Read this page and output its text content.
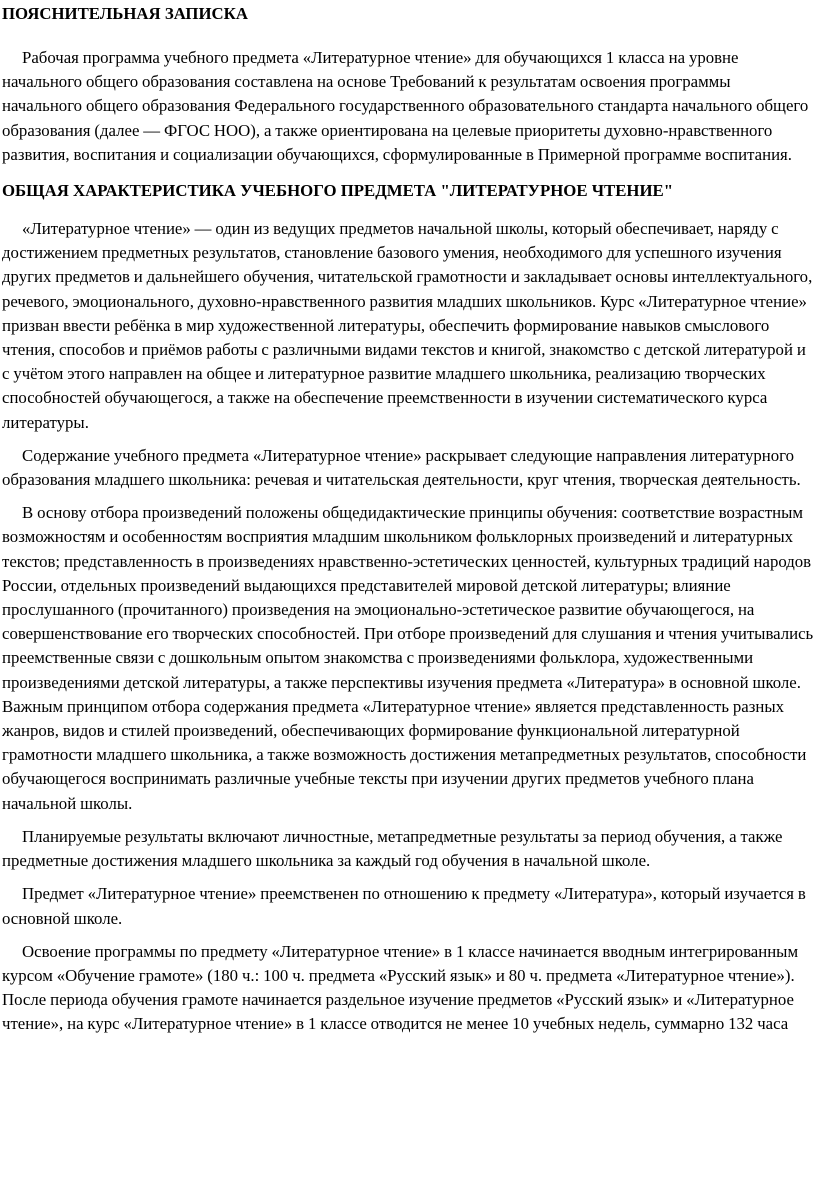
ПОЯСНИТЕЛЬНАЯ ЗАПИСКА

Рабочая программа учебного предмета «Литературное чтение» для обучающихся 1 класса на уровне начального общего образования составлена на основе Требований к результатам освоения программы начального общего образования Федерального государственного образовательного стандарта начального общего образования (далее — ФГОС НОО), а также ориентирована на целевые приоритеты духовно-нравственного развития, воспитания и социализации обучающихся, сформулированные в Примерной программе воспитания.

ОБЩАЯ ХАРАКТЕРИСТИКА УЧЕБНОГО ПРЕДМЕТА "ЛИТЕРАТУРНОЕ ЧТЕНИЕ"

«Литературное чтение» — один из ведущих предметов начальной школы, который обеспечивает, наряду с достижением предметных результатов, становление базового умения, необходимого для успешного изучения других предметов и дальнейшего обучения, читательской грамотности и закладывает основы интеллектуального, речевого, эмоционального, духовно-нравственного развития младших школьников. Курс «Литературное чтение» призван ввести ребёнка в мир художественной литературы, обеспечить формирование навыков смыслового чтения, способов и приёмов работы с различными видами текстов и книгой, знакомство с детской литературой и с учётом этого направлен на общее и литературное развитие младшего школьника, реализацию творческих способностей обучающегося, а также на обеспечение преемственности в изучении систематического курса литературы.

Содержание учебного предмета «Литературное чтение» раскрывает следующие направления литературного образования младшего школьника: речевая и читательская деятельности, круг чтения, творческая деятельность.

В основу отбора произведений положены общедидактические принципы обучения: соответствие возрастным возможностям и особенностям восприятия младшим школьником фольклорных произведений и литературных текстов; представленность в произведениях нравственно-эстетических ценностей, культурных традиций народов России, отдельных произведений выдающихся представителей мировой детской литературы; влияние прослушанного (прочитанного) произведения на эмоционально-эстетическое развитие обучающегося, на совершенствование его творческих способностей. При отборе произведений для слушания и чтения учитывались преемственные связи с дошкольным опытом знакомства с произведениями фольклора, художественными произведениями детской литературы, а также перспективы изучения предмета «Литература» в основной школе. Важным принципом отбора содержания предмета «Литературное чтение» является представленность разных жанров, видов и стилей произведений, обеспечивающих формирование функциональной литературной грамотности младшего школьника, а также возможность достижения метапредметных результатов, способности обучающегося воспринимать различные учебные тексты при изучении других предметов учебного плана начальной школы.

Планируемые результаты включают личностные, метапредметные результаты за период обучения, а также предметные достижения младшего школьника за каждый год обучения в начальной школе.

Предмет «Литературное чтение» преемственен по отношению к предмету «Литература», который изучается в основной школе.

Освоение программы по предмету «Литературное чтение» в 1 классе начинается вводным интегрированным курсом «Обучение грамоте» (180 ч.: 100 ч. предмета «Русский язык» и 80 ч. предмета «Литературное чтение»). После периода обучения грамоте начинается раздельное изучение предметов «Русский язык» и «Литературное чтение», на курс «Литературное чтение» в 1 классе отводится не менее 10 учебных недель, суммарно 132 часа
